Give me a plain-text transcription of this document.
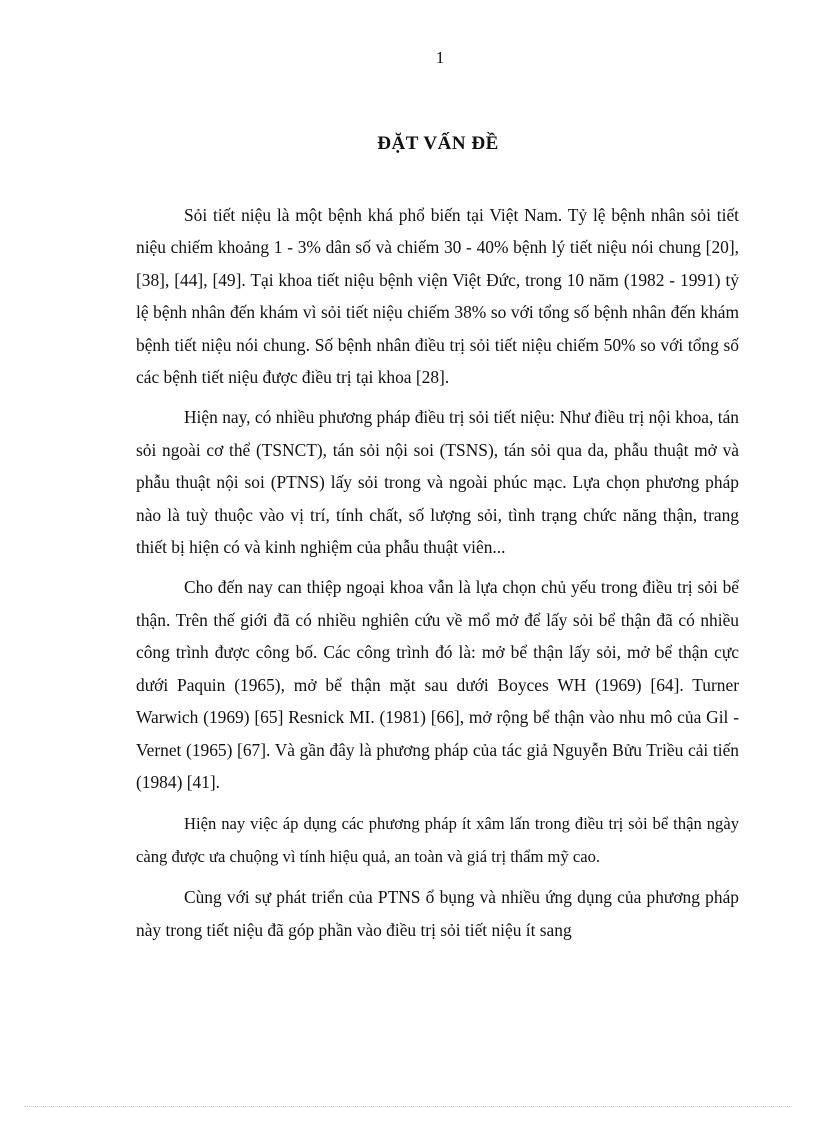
1
ĐẶT VẤN ĐỀ

Sỏi tiết niệu là một bệnh khá phổ biến tại Việt Nam. Tỷ lệ bệnh nhân sỏi tiết niệu chiếm khoảng 1 - 3% dân số và chiếm 30 - 40% bệnh lý tiết niệu nói chung [20], [38], [44], [49]. Tại khoa tiết niệu bệnh viện Việt Đức, trong 10 năm (1982 - 1991) tỷ lệ bệnh nhân đến khám vì sỏi tiết niệu chiếm 38% so với tổng số bệnh nhân đến khám bệnh tiết niệu nói chung. Số bệnh nhân điều trị sỏi tiết niệu chiếm 50% so với tổng số các bệnh tiết niệu được điều trị tại khoa [28].

Hiện nay, có nhiều phương pháp điều trị sỏi tiết niệu: Như điều trị nội khoa, tán sỏi ngoài cơ thể (TSNCT), tán sỏi nội soi (TSNS), tán sỏi qua da, phẫu thuật mở và phẫu thuật nội soi (PTNS) lấy sỏi trong và ngoài phúc mạc. Lựa chọn phương pháp nào là tuỳ thuộc vào vị trí, tính chất, số lượng sỏi, tình trạng chức năng thận, trang thiết bị hiện có và kinh nghiệm của phẫu thuật viên...

Cho đến nay can thiệp ngoại khoa vẫn là lựa chọn chủ yếu trong điều trị sỏi bể thận. Trên thế giới đã có nhiều nghiên cứu về mổ mở để lấy sỏi bể thận đã có nhiều công trình được công bố. Các công trình đó là: mở bể thận lấy sỏi, mở bể thận cực dưới Paquin (1965), mở bể thận mặt sau dưới Boyces WH (1969) [64]. Turner Warwich (1969) [65] Resnick MI. (1981) [66], mở rộng bể thận vào nhu mô của Gil - Vernet (1965) [67]. Và gần đây là phương pháp của tác giả Nguyễn Bửu Triều cải tiến (1984) [41].

Hiện nay việc áp dụng các phương pháp ít xâm lấn trong điều trị sỏi bể thận ngày càng được ưa chuộng vì tính hiệu quả, an toàn và giá trị thẩm mỹ cao.

Cùng với sự phát triển của PTNS ổ bụng và nhiều ứng dụng của phương pháp này trong tiết niệu đã góp phần vào điều trị sỏi tiết niệu ít sang
